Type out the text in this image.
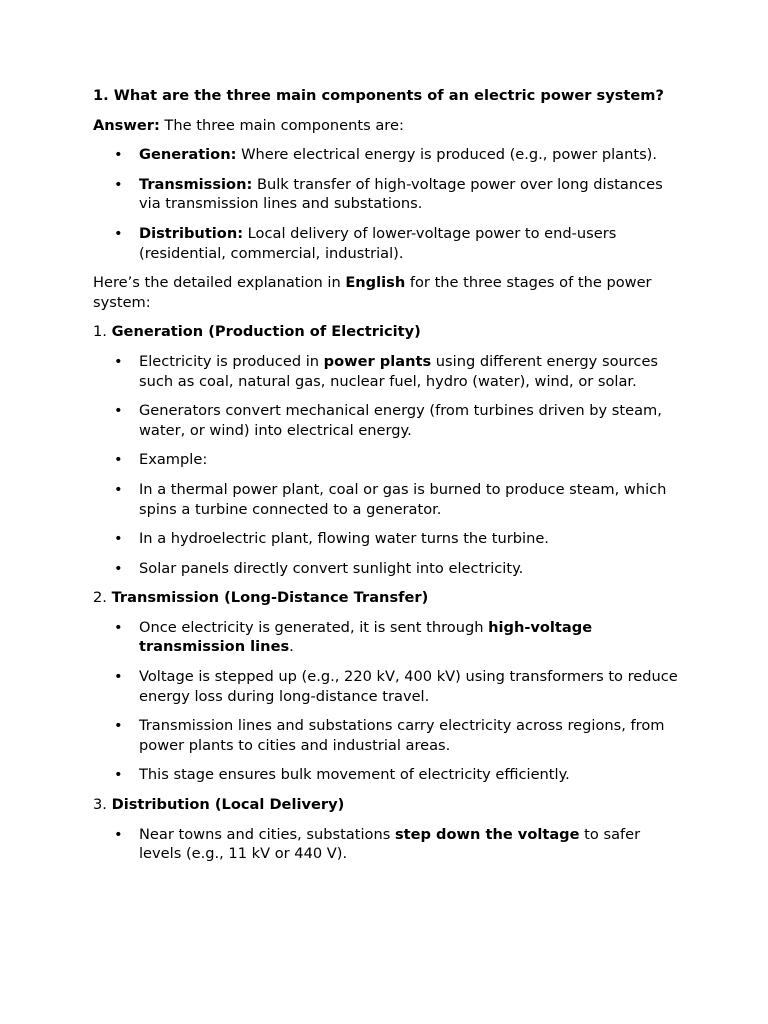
1. What are the three main components of an electric power system?

Answer: The three main components are:

• Generation: Where electrical energy is produced (e.g., power plants).
• Transmission: Bulk transfer of high-voltage power over long distances via transmission lines and substations.
• Distribution: Local delivery of lower-voltage power to end-users (residential, commercial, industrial).

Here’s the detailed explanation in English for the three stages of the power system:

1. Generation (Production of Electricity)

• Electricity is produced in power plants using different energy sources such as coal, natural gas, nuclear fuel, hydro (water), wind, or solar.
• Generators convert mechanical energy (from turbines driven by steam, water, or wind) into electrical energy.
• Example:
• In a thermal power plant, coal or gas is burned to produce steam, which spins a turbine connected to a generator.
• In a hydroelectric plant, flowing water turns the turbine.
• Solar panels directly convert sunlight into electricity.

2. Transmission (Long-Distance Transfer)

• Once electricity is generated, it is sent through high-voltage transmission lines.
• Voltage is stepped up (e.g., 220 kV, 400 kV) using transformers to reduce energy loss during long-distance travel.
• Transmission lines and substations carry electricity across regions, from power plants to cities and industrial areas.
• This stage ensures bulk movement of electricity efficiently.

3. Distribution (Local Delivery)

• Near towns and cities, substations step down the voltage to safer levels (e.g., 11 kV or 440 V).
